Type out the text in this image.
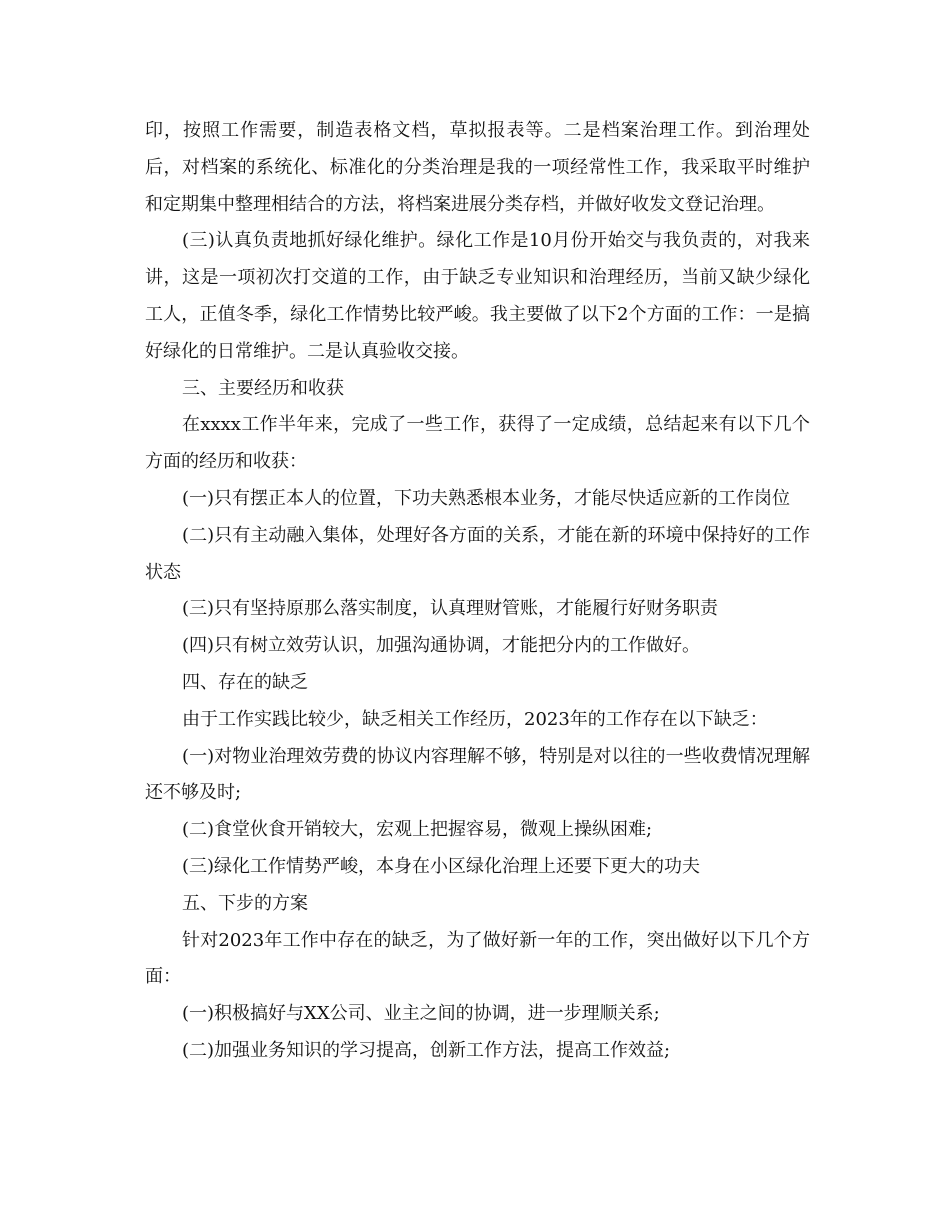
印，按照工作需要，制造表格文档，草拟报表等。二是档案治理工作。到治理处后，对档案的系统化、标准化的分类治理是我的一项经常性工作，我采取平时维护和定期集中整理相结合的方法，将档案进展分类存档，并做好收发文登记治理。

(三)认真负责地抓好绿化维护。绿化工作是10月份开始交与我负责的，对我来讲，这是一项初次打交道的工作，由于缺乏专业知识和治理经历，当前又缺少绿化工人，正值冬季，绿化工作情势比较严峻。我主要做了以下2个方面的工作：一是搞好绿化的日常维护。二是认真验收交接。

三、主要经历和收获

在xxxx工作半年来，完成了一些工作，获得了一定成绩，总结起来有以下几个方面的经历和收获：

(一)只有摆正本人的位置，下功夫熟悉根本业务，才能尽快适应新的工作岗位

(二)只有主动融入集体，处理好各方面的关系，才能在新的环境中保持好的工作状态

(三)只有坚持原那么落实制度，认真理财管账，才能履行好财务职责

(四)只有树立效劳认识，加强沟通协调，才能把分内的工作做好。

四、存在的缺乏

由于工作实践比较少，缺乏相关工作经历，2023年的工作存在以下缺乏：

(一)对物业治理效劳费的协议内容理解不够，特别是对以往的一些收费情况理解还不够及时;

(二)食堂伙食开销较大，宏观上把握容易，微观上操纵困难;

(三)绿化工作情势严峻，本身在小区绿化治理上还要下更大的功夫

五、下步的方案

针对2023年工作中存在的缺乏，为了做好新一年的工作，突出做好以下几个方面：

(一)积极搞好与XX公司、业主之间的协调，进一步理顺关系;

(二)加强业务知识的学习提高，创新工作方法，提高工作效益;
